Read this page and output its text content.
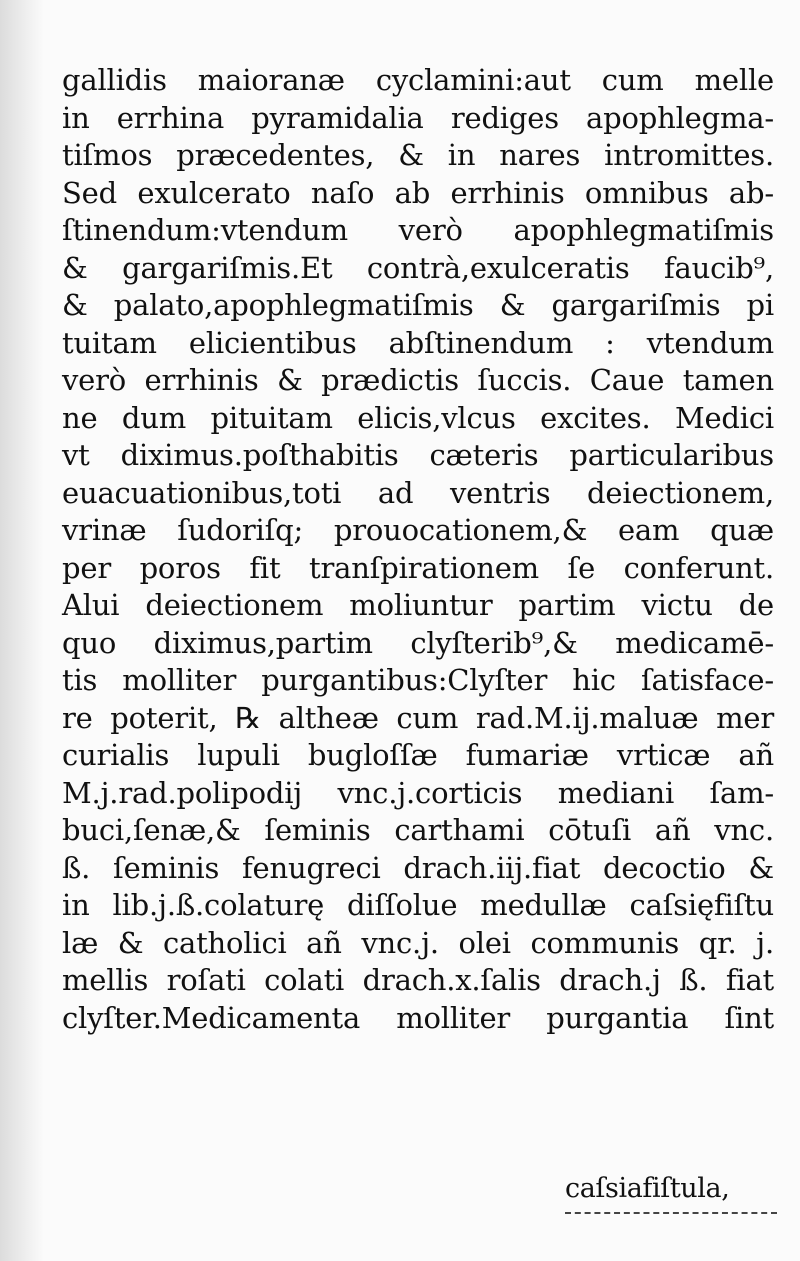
gallidis maioranæ cyclamini:aut cum melle
in errhina pyramidalia rediges apophlegma-
tiſmos præcedentes, & in nares intromittes.
Sed exulcerato naſo ab errhinis omnibus ab-
ſtinendum:vtendum verò apophlegmatiſmis
& gargariſmis.Et contrà,exulceratis faucib⁹,
& palato,apophlegmatiſmis & gargariſmis pi
tuitam elicientibus abſtinendum : vtendum
verò errhinis & prædictis ſuccis. Caue tamen
ne dum pituitam elicis,vlcus excites. Medici
vt diximus.poſthabitis cæteris particularibus
euacuationibus,toti ad ventris deiectionem,
vrinæ ſudoriſq; prouocationem,& eam quæ
per poros fit tranſpirationem ſe conferunt.
Alui deiectionem moliuntur partim victu de
quo diximus,partim clyſterib⁹,& medicamē-
tis molliter purgantibus:Clyſter hic ſatisface-
re poterit, ℞ altheæ cum rad.M.ij.maluæ mer
curialis lupuli bugloſſæ fumariæ vrticæ añ
M.j.rad.polipodij vnc.j.corticis mediani ſam-
buci,ſenæ,& ſeminis carthami cōtuſi añ vnc.
ß. ſeminis fenugreci drach.iij.fiat decoctio &
in lib.j.ß.colaturę diſſolue medullæ caſsięfiſtu
læ & catholici añ vnc.j. olei communis qr. j.
mellis roſati colati drach.x.ſalis drach.j ß. fiat
clyſter.Medicamenta molliter purgantia ſint
caſsiafiſtula,
